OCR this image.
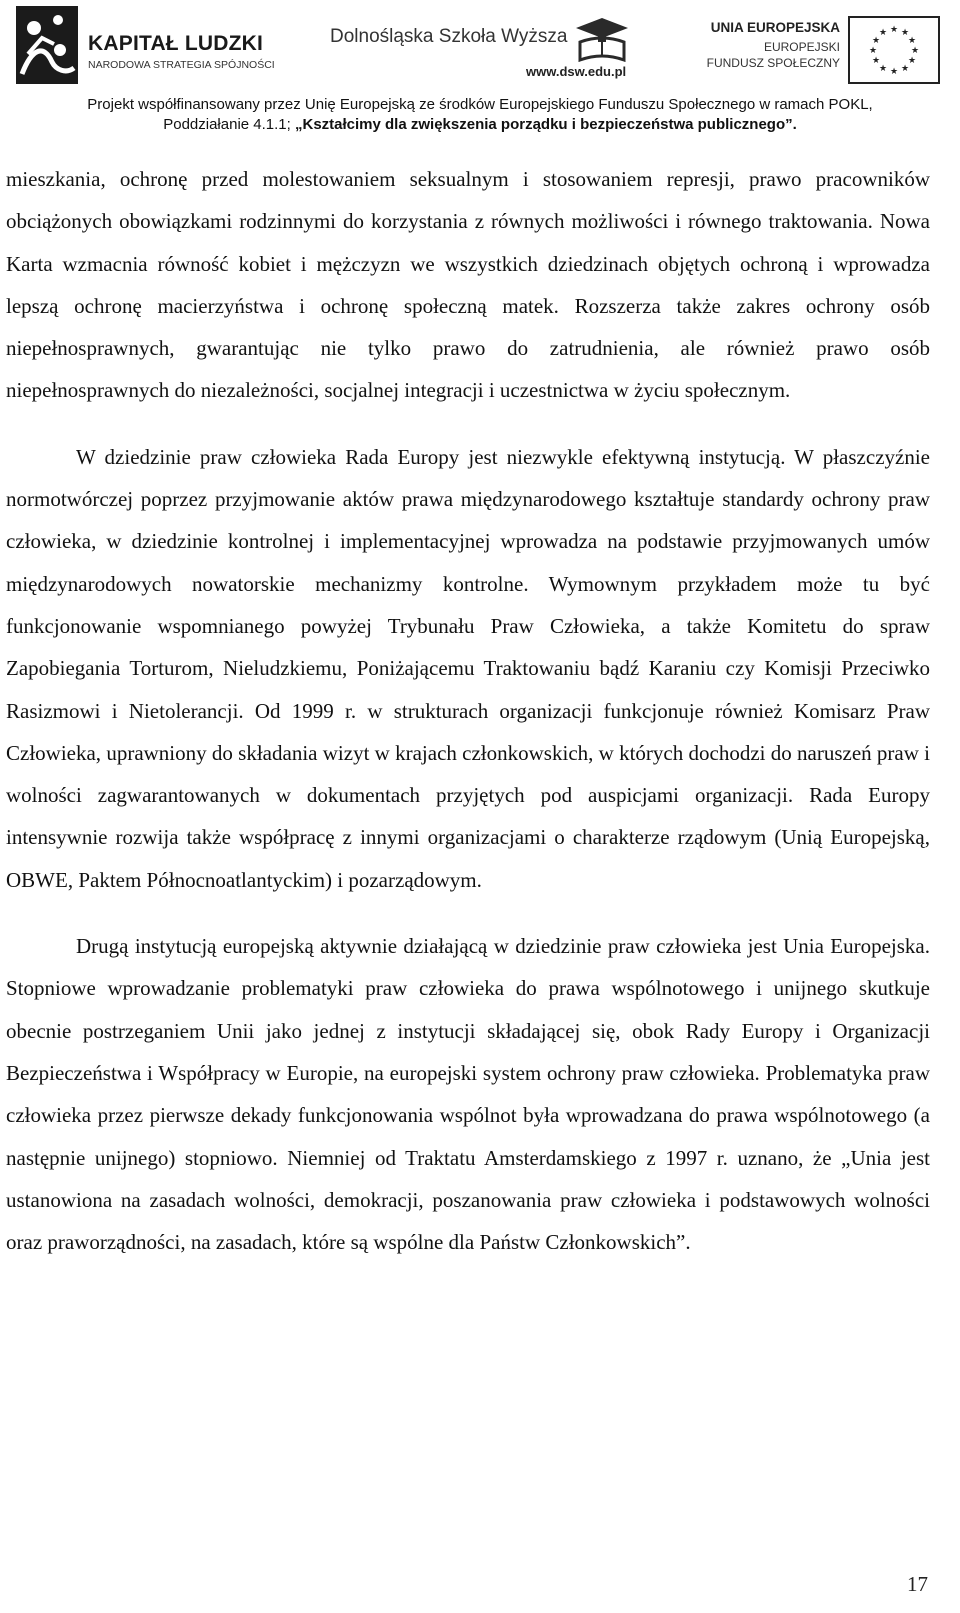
KAPITAŁ LUDZKI
NARODOWA STRATEGIA SPÓJNOŚCI
Dolnośląska Szkoła Wyższa
www.dsw.edu.pl
UNIA EUROPEJSKA
EUROPEJSKI
FUNDUSZ SPOŁECZNY
★ ★
★
★
★
★
★
★
★
★
★
★
Projekt współfinansowany przez Unię Europejską ze środków Europejskiego Funduszu Społecznego w ramach POKL,
Poddziałanie 4.1.1; „Kształcimy dla zwiększenia porządku i bezpieczeństwa publicznego”.

mieszkania, ochronę przed molestowaniem seksualnym i stosowaniem represji, prawo pracowników obciążonych obowiązkami rodzinnymi do korzystania z równych możliwości i równego traktowania. Nowa Karta wzmacnia równość kobiet i mężczyzn we wszystkich dziedzinach objętych ochroną i wprowadza lepszą ochronę macierzyństwa i ochronę społeczną matek. Rozszerza także zakres ochrony osób niepełnosprawnych, gwarantując nie tylko prawo do zatrudnienia, ale również prawo osób niepełnosprawnych do niezależności, socjalnej integracji i uczestnictwa w życiu społecznym.

W dziedzinie praw człowieka Rada Europy jest niezwykle efektywną instytucją. W płaszczyźnie normotwórczej poprzez przyjmowanie aktów prawa międzynarodowego kształtuje standardy ochrony praw człowieka, w dziedzinie kontrolnej i implementacyjnej wprowadza na podstawie przyjmowanych umów międzynarodowych nowatorskie mechanizmy kontrolne. Wymownym przykładem może tu być funkcjonowanie wspomnianego powyżej Trybunału Praw Człowieka, a także Komitetu do spraw Zapobiegania Torturom, Nieludzkiemu, Poniżającemu Traktowaniu bądź Karaniu czy Komisji Przeciwko Rasizmowi i Nietolerancji. Od 1999 r. w strukturach organizacji funkcjonuje również Komisarz Praw Człowieka, uprawniony do składania wizyt w krajach członkowskich, w których dochodzi do naruszeń praw i wolności zagwarantowanych w dokumentach przyjętych pod auspicjami organizacji. Rada Europy intensywnie rozwija także współpracę z innymi organizacjami o charakterze rządowym (Unią Europejską, OBWE, Paktem Północnoatlantyckim) i pozarządowym.

Drugą instytucją europejską aktywnie działającą w dziedzinie praw człowieka jest Unia Europejska. Stopniowe wprowadzanie problematyki praw człowieka do prawa wspólnotowego i unijnego skutkuje obecnie postrzeganiem Unii jako jednej z instytucji składającej się, obok Rady Europy i Organizacji Bezpieczeństwa i Współpracy w Europie, na europejski system ochrony praw człowieka. Problematyka praw człowieka przez pierwsze dekady funkcjonowania wspólnot była wprowadzana do prawa wspólnotowego (a następnie unijnego) stopniowo. Niemniej od Traktatu Amsterdamskiego z 1997 r. uznano, że „Unia jest ustanowiona na zasadach wolności, demokracji, poszanowania praw człowieka i podstawowych wolności oraz praworządności, na zasadach, które są wspólne dla Państw Członkowskich”.

17
